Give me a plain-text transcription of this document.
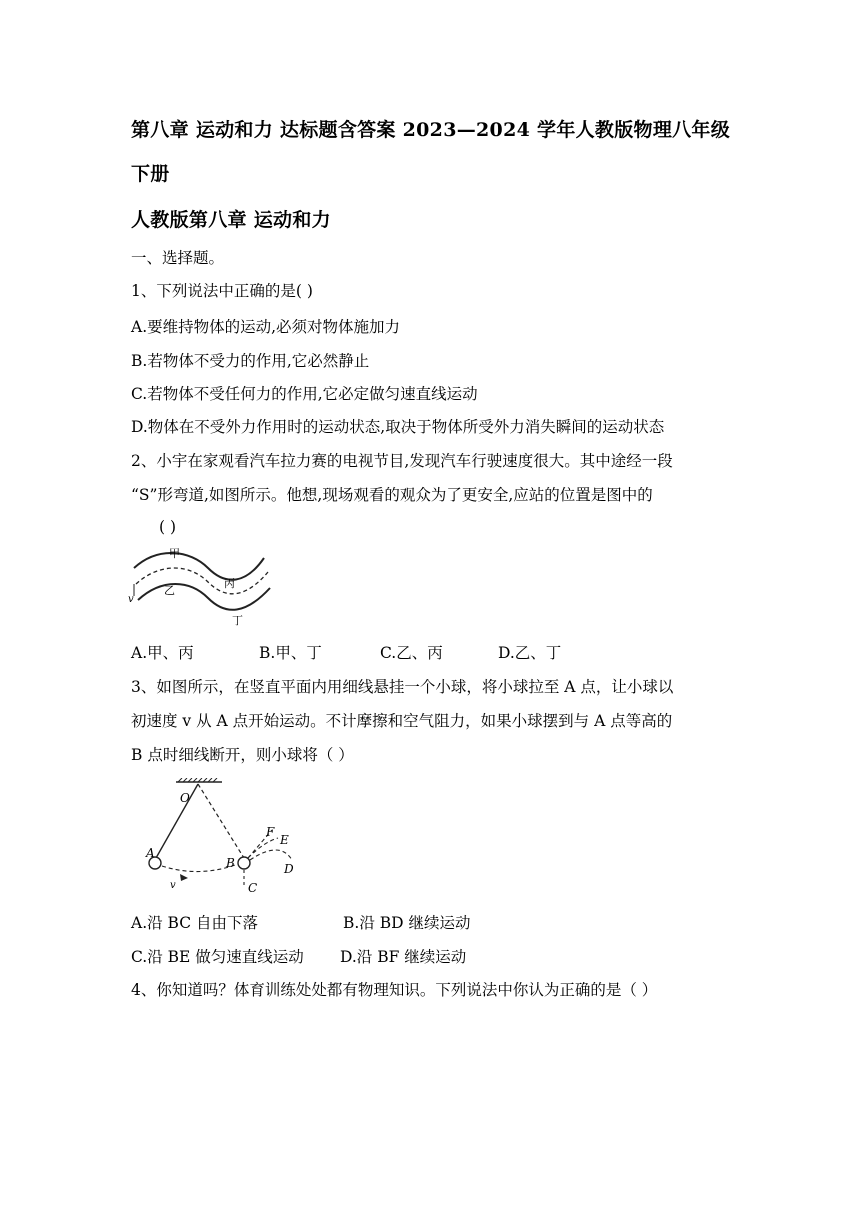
第八章 运动和力 达标题含答案 2023—2024 学年人教版物理八年级
下册
人教版第八章 运动和力
一、选择题。
1、下列说法中正确的是( )
A.要维持物体的运动,必须对物体施加力
B.若物体不受力的作用,它必然静止
C.若物体不受任何力的作用,它必定做匀速直线运动
D.物体在不受外力作用时的运动状态,取决于物体所受外力消失瞬间的运动状态
2、小宇在家观看汽车拉力赛的电视节目,发现汽车行驶速度很大。其中途经一段
“S”形弯道,如图所示。他想,现场观看的观众为了更安全,应站的位置是图中的
( )
甲
乙
丙
丁
v
A.甲、丙	B.甲、丁	C.乙、丙	D.乙、丁
3、如图所示，在竖直平面内用细线悬挂一个小球，将小球拉至 A 点，让小球以
初速度 v 从 A 点开始运动。不计摩擦和空气阻力，如果小球摆到与 A 点等高的
B 点时细线断开，则小球将（ ）
O
A
B
C
D
E
F
v
A.沿 BC 自由下落	B.沿 BD 继续运动
C.沿 BE 做匀速直线运动 D.沿 BF 继续运动
4、你知道吗？体育训练处处都有物理知识。下列说法中你认为正确的是（ ）
